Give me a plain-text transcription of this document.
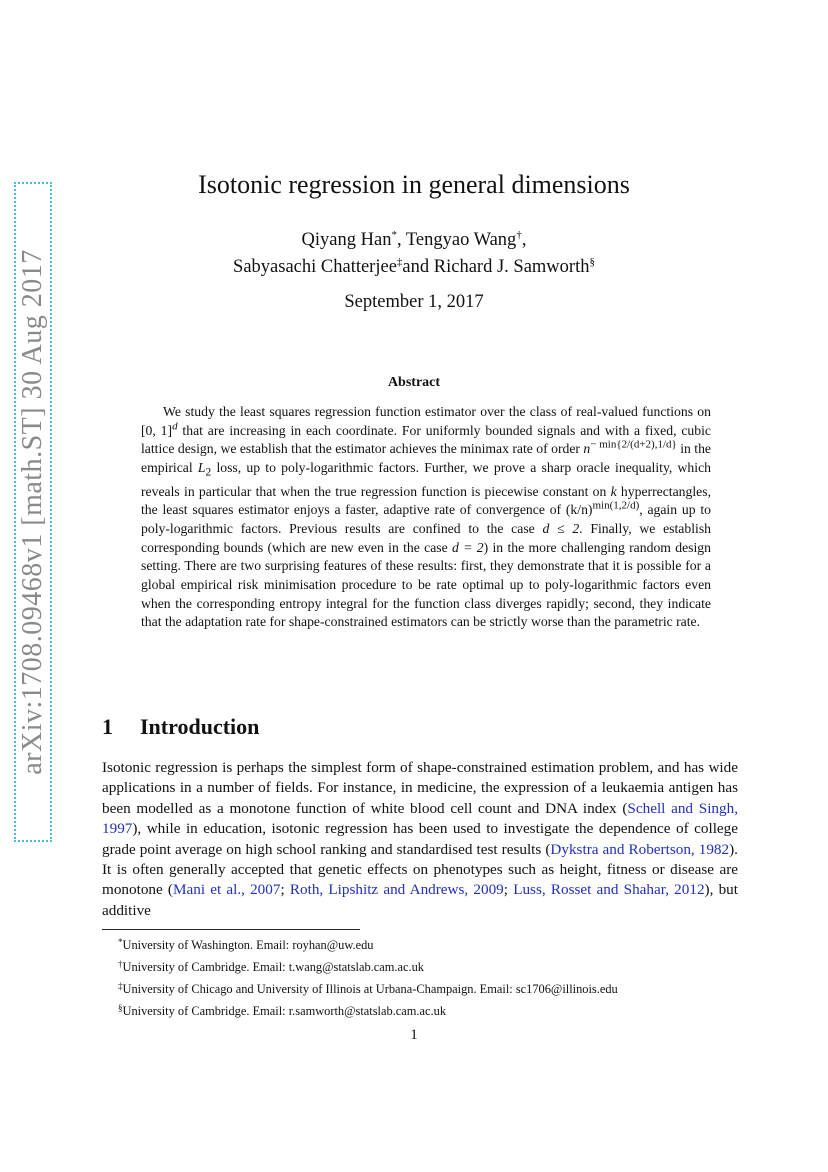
arXiv:1708.09468v1 [math.ST] 30 Aug 2017
Isotonic regression in general dimensions
Qiyang Han*, Tengyao Wang†,
Sabyasachi Chatterjee‡and Richard J. Samworth§
September 1, 2017
Abstract

We study the least squares regression function estimator over the class of real-valued functions on [0, 1]$^d$ that are increasing in each coordinate. For uniformly bounded signals and with a fixed, cubic lattice design, we establish that the estimator achieves the minimax rate of order $n^{- min\{2/(d+2),1/d\}}$ in the empirical $L_2$ loss, up to poly-logarithmic factors. Further, we prove a sharp oracle inequality, which reveals in particular that when the true regression function is piecewise constant on k hyperrectangles, the least squares estimator enjoys a faster, adaptive rate of convergence of $(k/n)^{min(1,2/d)}$, again up to poly-logarithmic factors. Previous results are confined to the case d ≤ 2. Finally, we establish corresponding bounds (which are new even in the case d = 2) in the more challenging random design setting. There are two surprising features of these results: first, they demonstrate that it is possible for a global empirical risk minimisation procedure to be rate optimal up to poly-logarithmic factors even when the corresponding entropy integral for the function class diverges rapidly; second, they indicate that the adaptation rate for shape-constrained estimators can be strictly worse than the parametric rate.

1 Introduction

Isotonic regression is perhaps the simplest form of shape-constrained estimation problem, and has wide applications in a number of fields. For instance, in medicine, the expression of a leukaemia antigen has been modelled as a monotone function of white blood cell count and DNA index (Schell and Singh, 1997), while in education, isotonic regression has been used to investigate the dependence of college grade point average on high school ranking and standardised test results (Dykstra and Robertson, 1982). It is often generally accepted that genetic effects on phenotypes such as height, fitness or disease are monotone (Mani et al., 2007; Roth, Lipshitz and Andrews, 2009; Luss, Rosset and Shahar, 2012), but additive

*University of Washington. Email: royhan@uw.edu
†University of Cambridge. Email: t.wang@statslab.cam.ac.uk
‡University of Chicago and University of Illinois at Urbana-Champaign. Email: sc1706@illinois.edu
§University of Cambridge. Email: r.samworth@statslab.cam.ac.uk
1
